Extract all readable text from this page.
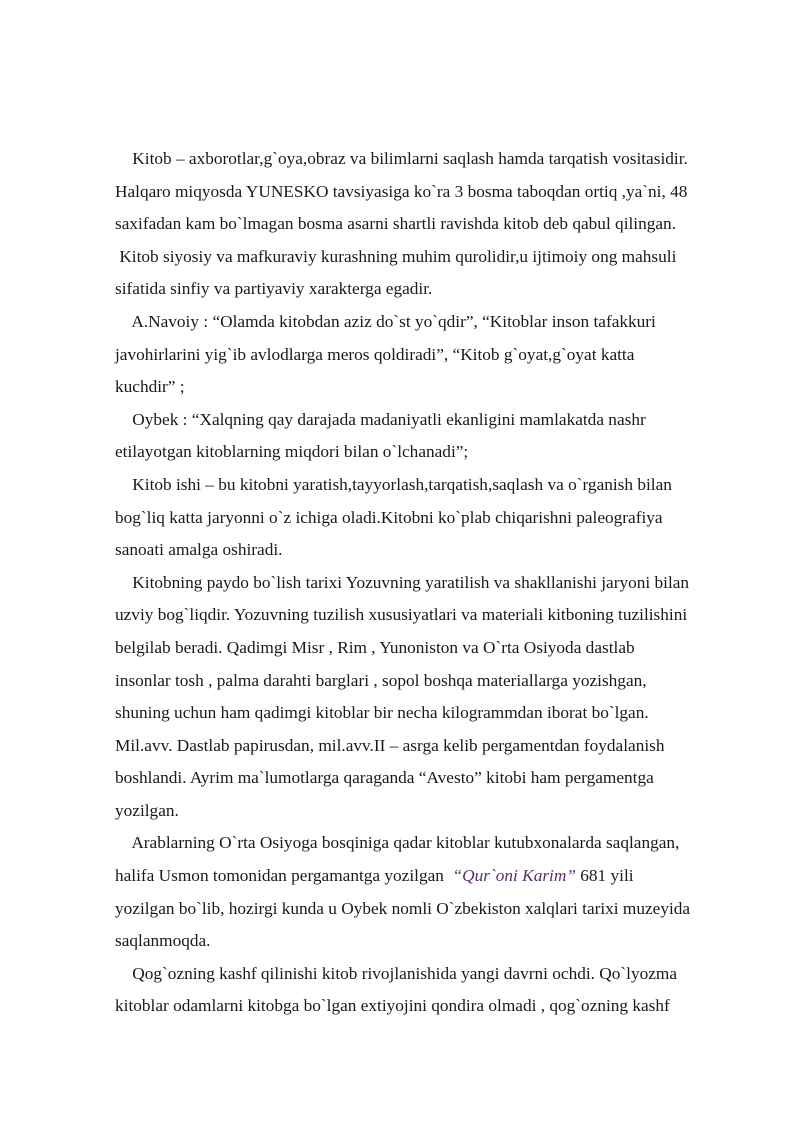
Kitob – axborotlar,g`oya,obraz va bilimlarni saqlash hamda tarqatish vositasidir.
Halqaro miqyosda YUNESKO tavsiyasiga ko`ra 3 bosma taboqdan ortiq ,ya`ni, 48
saxifadan kam bo`lmagan bosma asarni shartli ravishda kitob deb qabul qilingan.
Kitob siyosiy va mafkuraviy kurashning muhim qurolidir,u ijtimoiy ong mahsuli
sifatida sinfiy va partiyaviy xarakterga egadir.
A.Navoiy : “Olamda kitobdan aziz do`st yo`qdir”, “Kitoblar inson tafakkuri
javohirlarini yig`ib avlodlarga meros qoldiradi”, “Kitob g`oyat,g`oyat katta
kuchdir” ;
Oybek : “Xalqning qay darajada madaniyatli ekanligini mamlakatda nashr
etilayotgan kitoblarning miqdori bilan o`lchanadi”;
Kitob ishi – bu kitobni yaratish,tayyorlash,tarqatish,saqlash va o`rganish bilan
bog`liq katta jaryonni o`z ichiga oladi.Kitobni ko`plab chiqarishni paleografiya
sanoati amalga oshiradi.
Kitobning paydo bo`lish tarixi Yozuvning yaratilish va shakllanishi jaryoni bilan
uzviy bog`liqdir. Yozuvning tuzilish xususiyatlari va materiali kitboning tuzilishini
belgilab beradi. Qadimgi Misr , Rim , Yunoniston va O`rta Osiyoda dastlab
insonlar tosh , palma darahti barglari , sopol boshqa materiallarga yozishgan,
shuning uchun ham qadimgi kitoblar bir necha kilogrammdan iborat bo`lgan.
Mil.avv. Dastlab papirusdan, mil.avv.II – asrga kelib pergamentdan foydalanish
boshlandi. Ayrim ma`lumotlarga qaraganda “Avesto” kitobi ham pergamentga
yozilgan.
Arablarning O`rta Osiyoga bosqiniga qadar kitoblar kutubxonalarda saqlangan,
halifa Usmon tomonidan pergamantga yozilgan  “Qur`oni Karim” 681 yili
yozilgan bo`lib, hozirgi kunda u Oybek nomli O`zbekiston xalqlari tarixi muzeyida
saqlanmoqda.
Qog`ozning kashf qilinishi kitob rivojlanishida yangi davrni ochdi. Qo`lyozma
kitoblar odamlarni kitobga bo`lgan extiyojini qondira olmadi , qog`ozning kashf
